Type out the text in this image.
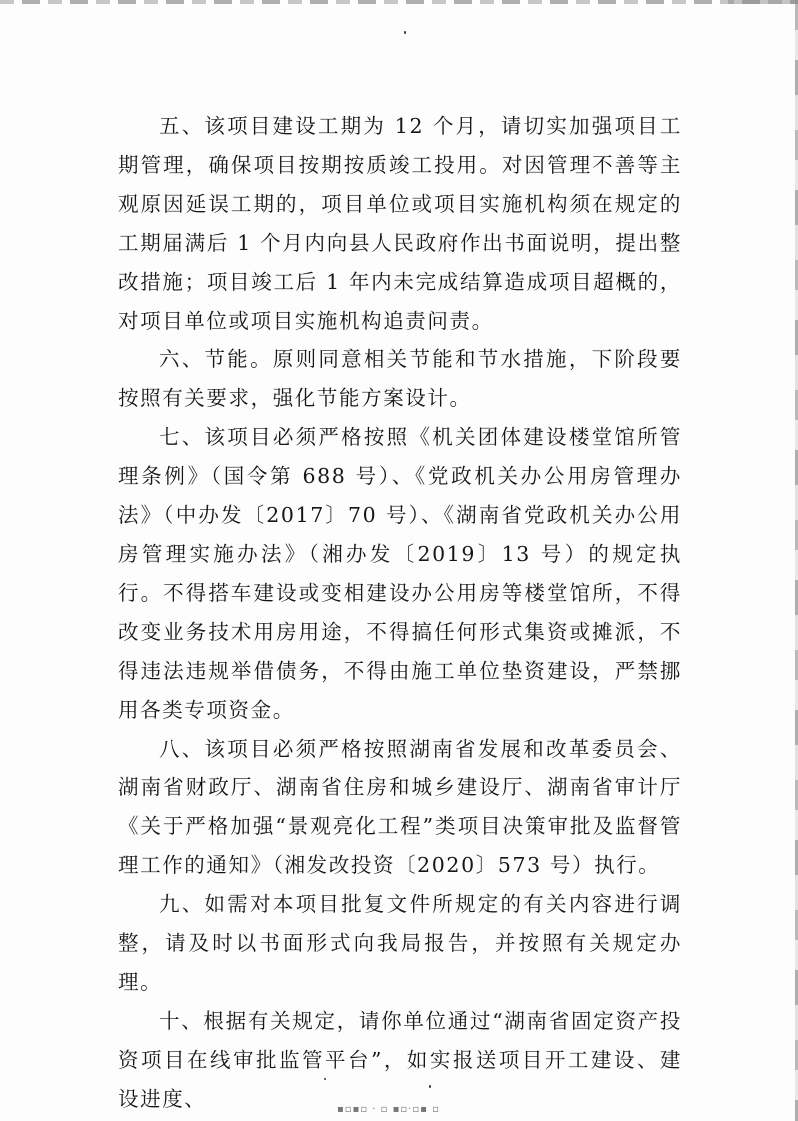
五、该项目建设工期为 12 个月，请切实加强项目工期管理，确保项目按期按质竣工投用。对因管理不善等主观原因延误工期的，项目单位或项目实施机构须在规定的工期届满后 1 个月内向县人民政府作出书面说明，提出整改措施；项目竣工后 1 年内未完成结算造成项目超概的，对项目单位或项目实施机构追责问责。

六、节能。原则同意相关节能和节水措施，下阶段要按照有关要求，强化节能方案设计。

七、该项目必须严格按照《机关团体建设楼堂馆所管理条例》（国令第 688 号）、《党政机关办公用房管理办法》（中办发〔2017〕70 号）、《湖南省党政机关办公用房管理实施办法》（湘办发〔2019〕13 号）的规定执行。不得搭车建设或变相建设办公用房等楼堂馆所，不得改变业务技术用房用途，不得搞任何形式集资或摊派，不得违法违规举借债务，不得由施工单位垫资建设，严禁挪用各类专项资金。

八、该项目必须严格按照湖南省发展和改革委员会、湖南省财政厅、湖南省住房和城乡建设厅、湖南省审计厅《关于严格加强“景观亮化工程”类项目决策审批及监督管理工作的通知》（湘发改投资〔2020〕573 号）执行。

九、如需对本项目批复文件所规定的有关内容进行调整，请及时以书面形式向我局报告，并按照有关规定办理。

十、根据有关规定，请你单位通过“湖南省固定资产投资项目在线审批监管平台”，如实报送项目开工建设、建设进度、	▪▫▪▫ · ▫ ▪▫·▫▪ ▫
